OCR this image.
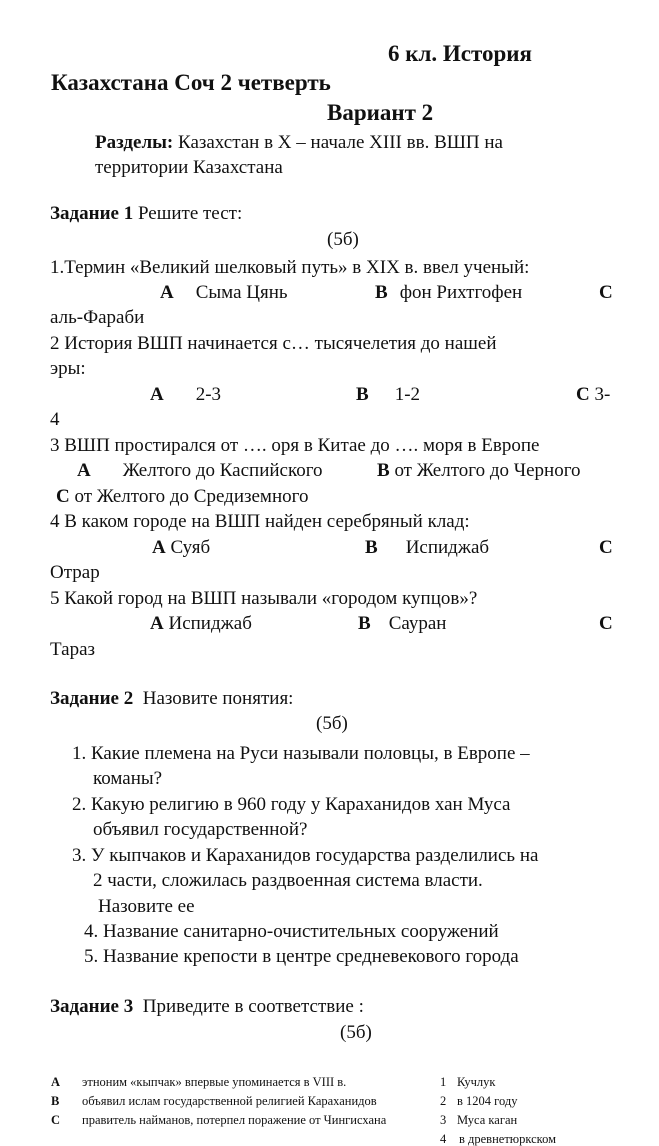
6 кл. История
Казахстана Соч 2 четверть
Вариант 2
Разделы: Казахстан в X – начале XIII вв. ВШП на
территории Казахстана
Задание 1 Решите тест:
(5б)
1.Термин «Великий шелковый путь» в XIX в. ввел ученый:
A Сыма Цянь	B фон Рихтгофен	C
аль-Фараби
2 История ВШП начинается с… тысячелетия до нашей
эры:
A 2-3	B 1-2	C 3-
4
3 ВШП простирался от …. оря в Китае до …. моря в Европе
A Желтого до Каспийского	B от Желтого до Черного
C от Желтого до Средиземного
4 В каком городе на ВШП найден серебряный клад:
A Суяб	B Испиджаб	C
Отрар
5 Какой город на ВШП называли «городом купцов»?
A Испиджаб	B Сауран	C
Тараз
Задание 2 Назовите понятия:
(5б)
1. Какие племена на Руси называли половцы, в Европе –
команы?
2. Какую религию в 960 году у Караханидов хан Муса
объявил государственной?
3. У кыпчаков и Караханидов государства разделились на
2 части, сложилась раздвоенная система власти.
Назовите ее
4. Название санитарно-очистительных сооружений
5. Название крепости в центре средневекового города
Задание 3 Приведите в соответствие :
(5б)
A этноним «кыпчак» впервые упоминается в VIII в.	1 Кучлук
B объявил ислам государственной религией Караханидов	2 в 1204 году
C правитель найманов, потерпел поражение от Чингисхана	3 Муса каган
4 в древнетюркском
